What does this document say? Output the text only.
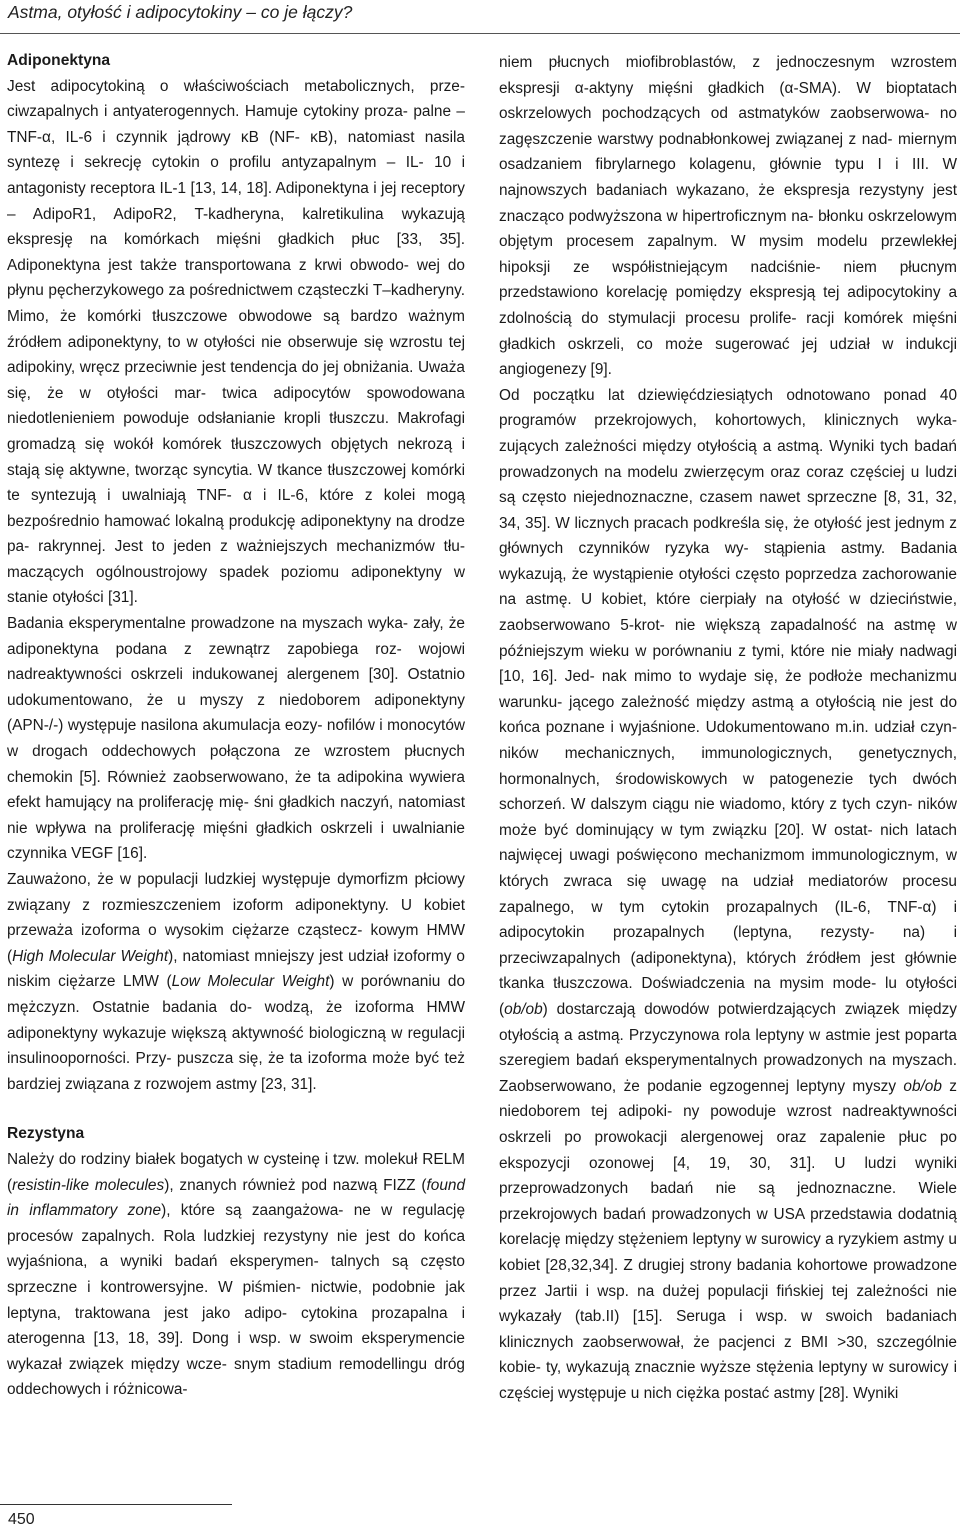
Astma, otyłość i adipocytokiny – co je łączy?
Adiponektyna

Jest adipocytokiną o właściwościach metabolicznych, prze- ciwzapalnych i antyaterogennych. Hamuje cytokiny proza- palne – TNF-α, IL-6 i czynnik jądrowy κB (NF- κB), natomiast nasila syntezę i sekrecję cytokin o profilu antyzapalnym – IL- 10 i antagonisty receptora IL-1 [13, 14, 18]. Adiponektyna i jej receptory – AdipoR1, AdipoR2, T-kadheryna, kalretikulina wykazują ekspresję na komórkach mięśni gładkich płuc [33, 35]. Adiponektyna jest także transportowana z krwi obwodo- wej do płynu pęcherzykowego za pośrednictwem cząsteczki T–kadheryny. Mimo, że komórki tłuszczowe obwodowe są bardzo ważnym źródłem adiponektyny, to w otyłości nie obserwuje się wzrostu tej adipokiny, wręcz przeciwnie jest tendencja do jej obniżania. Uważa się, że w otyłości mar- twica adipocytów spowodowana niedotlenieniem powoduje odsłanianie kropli tłuszczu. Makrofagi gromadzą się wokół komórek tłuszczowych objętych nekrozą i stają się aktywne, tworząc syncytia. W tkance tłuszczowej komórki te syntezują i uwalniają TNF- α i IL-6, które z kolei mogą bezpośrednio hamować lokalną produkcję adiponektyny na drodze pa- rakrynnej. Jest to jeden z ważniejszych mechanizmów tłu- maczących ogólnoustrojowy spadek poziomu adiponektyny w stanie otyłości [31].

Badania eksperymentalne prowadzone na myszach wyka- zały, że adiponektyna podana z zewnątrz zapobiega roz- wojowi nadreaktywności oskrzeli indukowanej alergenem [30]. Ostatnio udokumentowano, że u myszy z niedoborem adiponektyny (APN-/-) występuje nasilona akumulacja eozy- nofilów i monocytów w drogach oddechowych połączona ze wzrostem płucnych chemokin [5]. Również zaobserwowano, że ta adipokina wywiera efekt hamujący na proliferację mię- śni gładkich naczyń, natomiast nie wpływa na proliferację mięśni gładkich oskrzeli i uwalnianie czynnika VEGF [16].

Zauważono, że w populacji ludzkiej występuje dymorfizm płciowy związany z rozmieszczeniem izoform adiponektyny. U kobiet przeważa izoforma o wysokim ciężarze cząstecz- kowym HMW (High Molecular Weight), natomiast mniejszy jest udział izoformy o niskim ciężarze LMW (Low Molecular Weight) w porównaniu do mężczyzn. Ostatnie badania do- wodzą, że izoforma HMW adiponektyny wykazuje większą aktywność biologiczną w regulacji insulinooporności. Przy- puszcza się, że ta izoforma może być też bardziej związana z rozwojem astmy [23, 31].

Rezystyna

Należy do rodziny białek bogatych w cysteinę i tzw. molekuł RELM (resistin-like molecules), znanych również pod nazwą FIZZ (found in inflammatory zone), które są zaangażowa- ne w regulację procesów zapalnych. Rola ludzkiej rezystyny nie jest do końca wyjaśniona, a wyniki badań eksperymen- talnych są często sprzeczne i kontrowersyjne. W piśmien- nictwie, podobnie jak leptyna, traktowana jest jako adipo- cytokina prozapalna i aterogenna [13, 18, 39]. Dong i wsp. w swoim eksperymencie wykazał związek między wcze- snym stadium remodellingu dróg oddechowych i różnicowa-

niem płucnych miofibroblastów, z jednoczesnym wzrostem ekspresji α-aktyny mięśni gładkich (α-SMA). W bioptatach oskrzelowych pochodzących od astmatyków zaobserwowa- no zagęszczenie warstwy podnabłonkowej związanej z nad- miernym osadzaniem fibrylarnego kolagenu, głównie typu I i III. W najnowszych badaniach wykazano, że ekspresja rezystyny jest znacząco podwyższona w hipertroficznym na- błonku oskrzelowym objętym procesem zapalnym. W mysim modelu przewlekłej hipoksji ze współistniejącym nadciśnie- niem płucnym przedstawiono korelację pomiędzy ekspresją tej adipocytokiny a zdolnością do stymulacji procesu prolife- racji komórek mięśni gładkich oskrzeli, co może sugerować jej udział w indukcji angiogenezy [9].

Od początku lat dziewięćdziesiątych odnotowano ponad 40 programów przekrojowych, kohortowych, klinicznych wyka- zujących zależności między otyłością a astmą. Wyniki tych badań prowadzonych na modelu zwierzęcym oraz coraz częściej u ludzi są często niejednoznaczne, czasem nawet sprzeczne [8, 31, 32, 34, 35]. W licznych pracach podkreśla się, że otyłość jest jednym z głównych czynników ryzyka wy- stąpienia astmy. Badania wykazują, że wystąpienie otyłości często poprzedza zachorowanie na astmę. U kobiet, które cierpiały na otyłość w dzieciństwie, zaobserwowano 5-krot- nie większą zapadalność na astmę w późniejszym wieku w porównaniu z tymi, które nie miały nadwagi [10, 16]. Jed- nak mimo to wydaje się, że podłoże mechanizmu warunku- jącego zależność między astmą a otyłością nie jest do końca poznane i wyjaśnione. Udokumentowano m.in. udział czyn- ników mechanicznych, immunologicznych, genetycznych, hormonalnych, środowiskowych w patogenezie tych dwóch schorzeń. W dalszym ciągu nie wiadomo, który z tych czyn- ników może być dominujący w tym związku [20]. W ostat- nich latach najwięcej uwagi poświęcono mechanizmom immunologicznym, w których zwraca się uwagę na udział mediatorów procesu zapalnego, w tym cytokin prozapalnych (IL-6, TNF-α) i adipocytokin prozapalnych (leptyna, rezysty- na) i przeciwzapalnych (adiponektyna), których źródłem jest głównie tkanka tłuszczowa. Doświadczenia na mysim mode- lu otyłości (ob/ob) dostarczają dowodów potwierdzających związek między otyłością a astmą. Przyczynowa rola leptyny w astmie jest poparta szeregiem badań eksperymentalnych prowadzonych na myszach. Zaobserwowano, że podanie egzogennej leptyny myszy ob/ob z niedoborem tej adipoki- ny powoduje wzrost nadreaktywności oskrzeli po prowokacji alergenowej oraz zapalenie płuc po ekspozycji ozonowej [4, 19, 30, 31]. U ludzi wyniki przeprowadzonych badań nie są jednoznaczne. Wiele przekrojowych badań prowadzonych w USA przedstawia dodatnią korelację między stężeniem leptyny w surowicy a ryzykiem astmy u kobiet [28,32,34]. Z drugiej strony badania kohortowe prowadzone przez Jartii i wsp. na dużej populacji fińskiej tej zależności nie wykazały (tab.II) [15]. Seruga i wsp. w swoich badaniach klinicznych zaobserwował, że pacjenci z BMI >30, szczególnie kobie- ty, wykazują znacznie wyższe stężenia leptyny w surowicy i częściej występuje u nich ciężka postać astmy [28]. Wyniki

450
